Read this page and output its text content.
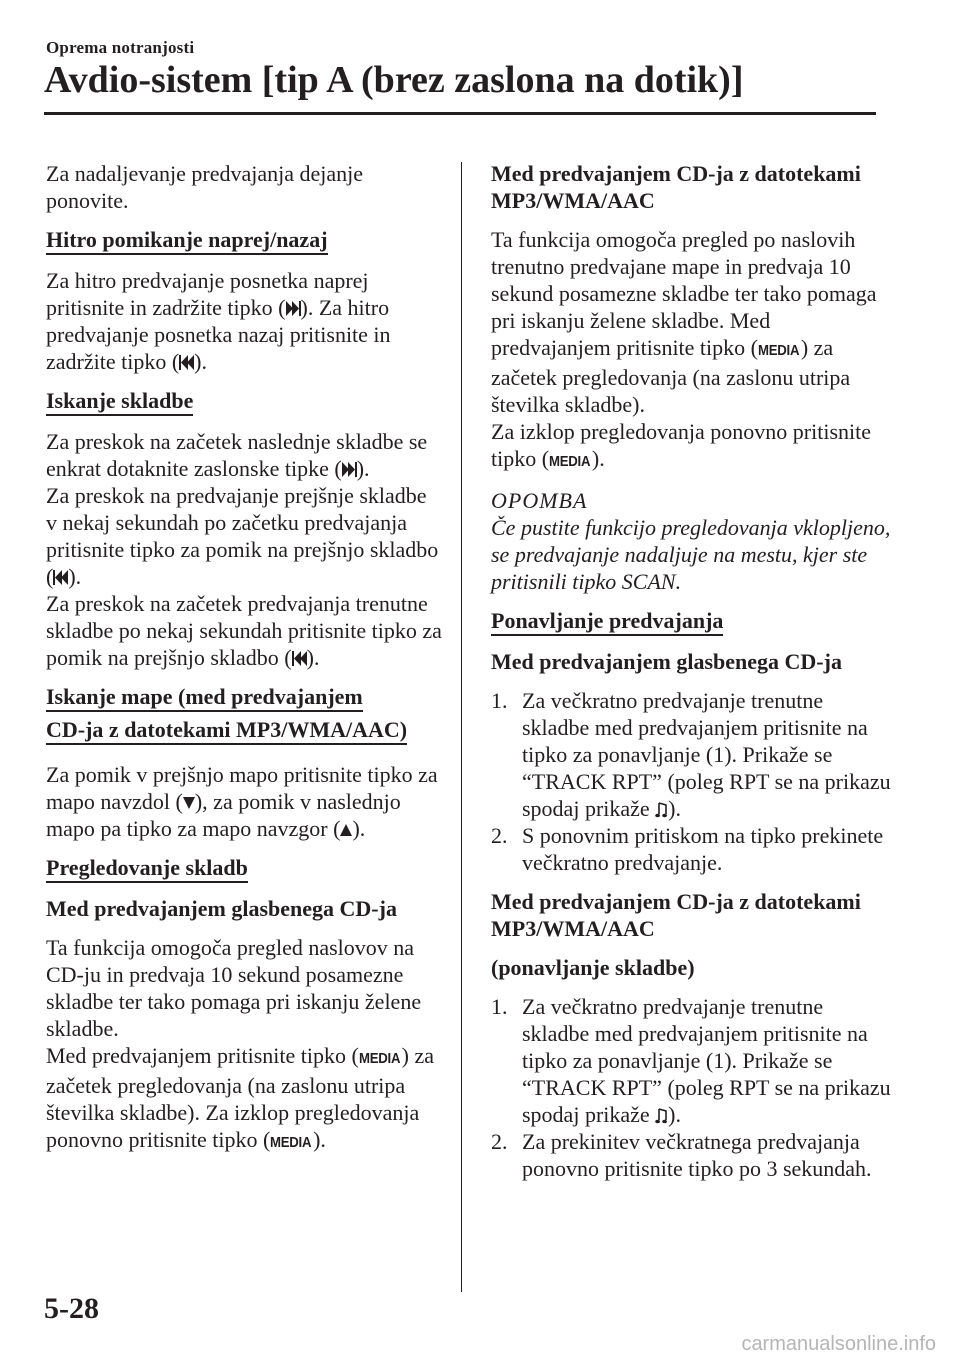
Oprema notranjosti
Avdio-sistem [tip A (brez zaslona na dotik)]

Za nadaljevanje predvajanja dejanje ponovite.

Hitro pomikanje naprej/nazaj

Za hitro predvajanje posnetka naprej pritisnite in zadržite tipko ( ). Za hitro predvajanje posnetka nazaj pritisnite in zadržite tipko ( ).

Iskanje skladbe

Za preskok na začetek naslednje skladbe se enkrat dotaknite zaslonske tipke ( ).

Za preskok na predvajanje prejšnje skladbe v nekaj sekundah po začetku predvajanja pritisnite tipko za pomik na prejšnjo skladbo ( ).

Za preskok na začetek predvajanja trenutne skladbe po nekaj sekundah pritisnite tipko za pomik na prejšnjo skladbo ( ).

Iskanje mape (med predvajanjem
CD-ja z datotekami MP3/WMA/AAC)

Za pomik v prejšnjo mapo pritisnite tipko za mapo navzdol ( ), za pomik v naslednjo mapo pa tipko za mapo navzgor ( ).

Pregledovanje skladb
Med predvajanjem glasbenega CD-ja

Ta funkcija omogoča pregled naslovov na CD-ju in predvaja 10 sekund posamezne skladbe ter tako pomaga pri iskanju želene skladbe.

Med predvajanjem pritisnite tipko (MEDIA) za začetek pregledovanja (na zaslonu utripa številka skladbe). Za izklop pregledovanja ponovno pritisnite tipko (MEDIA).

Med predvajanjem CD-ja z datotekami MP3/WMA/AAC

Ta funkcija omogoča pregled po naslovih trenutno predvajane mape in predvaja 10 sekund posamezne skladbe ter tako pomaga pri iskanju želene skladbe. Med predvajanjem pritisnite tipko (MEDIA) za začetek pregledovanja (na zaslonu utripa številka skladbe).

Za izklop pregledovanja ponovno pritisnite tipko (MEDIA).

OPOMBA

Če pustite funkcijo pregledovanja vklopljeno, se predvajanje nadaljuje na mestu, kjer ste pritisnili tipko SCAN.

Ponavljanje predvajanja
Med predvajanjem glasbenega CD-ja
1. Za večkratno predvajanje trenutne skladbe med predvajanjem pritisnite na tipko za ponavljanje (1). Prikaže se “TRACK RPT” (poleg RPT se na prikazu spodaj prikaže
).
2. S ponovnim pritiskom na tipko prekinete večkratno predvajanje.
Med predvajanjem CD-ja z datotekami MP3/WMA/AAC
(ponavljanje skladbe)
1. Za večkratno predvajanje trenutne skladbe med predvajanjem pritisnite na tipko za ponavljanje (1). Prikaže se “TRACK RPT” (poleg RPT se na prikazu spodaj prikaže
).
2. Za prekinitev večkratnega predvajanja ponovno pritisnite tipko po 3 sekundah.
5-28
carmanualsonline.info
